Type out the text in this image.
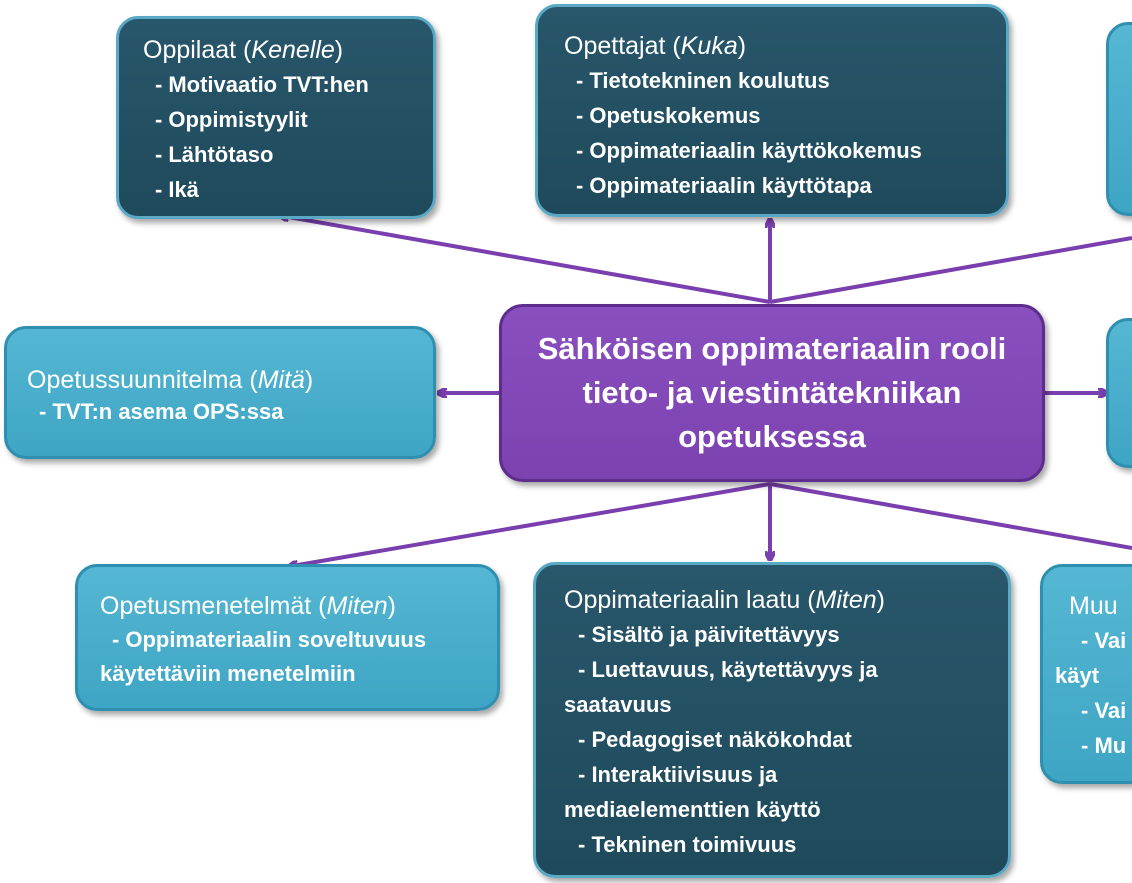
Oppilaat (Kenelle)
- Motivaatio TVT:hen
- Oppimistyylit
- Lähtötaso
- Ikä
Opettajat (Kuka)
- Tietotekninen koulutus
- Opetuskokemus
- Oppimateriaalin käyttökokemus
- Oppimateriaalin käyttötapa
Opetussuunnitelma (Mitä)
- TVT:n asema OPS:ssa
Sähköisen oppimateriaalin rooli
tieto- ja viestintätekniikan
opetuksessa
Opetusmenetelmät (Miten)
- Oppimateriaalin soveltuvuus
käytettäviin menetelmiin
Oppimateriaalin laatu (Miten)
- Sisältö ja päivitettävyys
- Luettavuus, käytettävyys ja
saatavuus
- Pedagogiset näkökohdat
- Interaktiivisuus ja
mediaelementtien käyttö
- Tekninen toimivuus
Muu
- Vai
käyt
- Vai
- Mu
